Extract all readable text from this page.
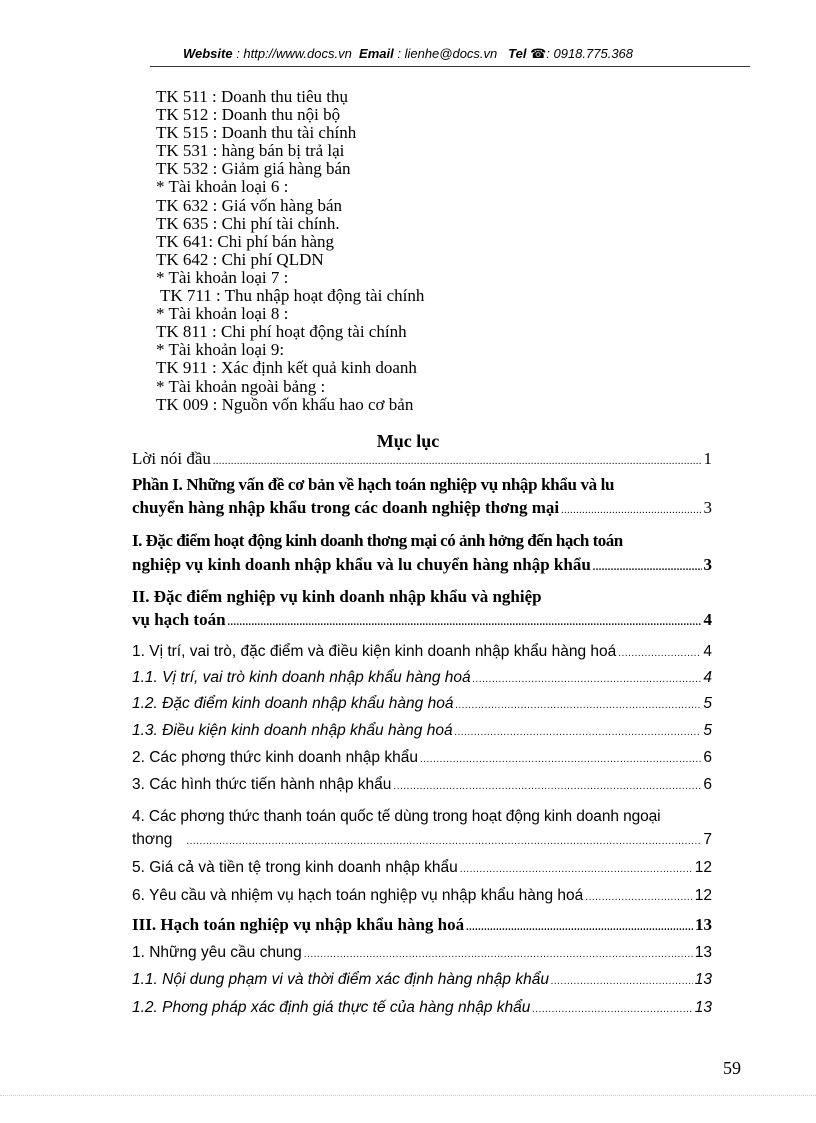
Website : http://www.docs.vn Email : lienhe@docs.vn Tel ☎: 0918.775.368
TK 511 : Doanh thu tiêu thụ
TK 512 : Doanh thu nội bộ
TK 515 : Doanh thu tài chính
TK 531 : hàng bán bị trả lại
TK 532 : Giảm giá hàng bán
* Tài khoản loại 6 :
TK 632 : Giá vốn hàng bán
TK 635 : Chi phí tài chính.
TK 641: Chi phí bán hàng
TK 642 : Chi phí QLDN
* Tài khoản loại 7 :
TK 711 : Thu nhập hoạt động tài chính
* Tài khoản loại 8 :
TK 811 : Chi phí hoạt động tài chính
* Tài khoản loại 9:
TK 911 : Xác định kết quả kinh doanh
* Tài khoản ngoài bảng :
TK 009 : Nguồn vốn khấu hao cơ bản
Mục lục
Lời nói đầu .....	1
Phần I. Những vấn đề cơ bản về hạch toán nghiệp vụ nhập khẩu và lu
chuyển hàng nhập khẩu trong các doanh nghiệp thơng mại .....	3
I. Đặc điểm hoạt động kinh doanh thơng mại có ảnh hởng đến hạch toán
nghiệp vụ kinh doanh nhập khẩu và lu chuyển hàng nhập khẩu .....	3
II. Đặc điểm nghiệp vụ kinh doanh nhập khẩu và nghiệp
vụ hạch toán .....	4
1. Vị trí, vai trò, đặc điểm và điều kiện kinh doanh nhập khẩu hàng hoá .....	4
1.1. Vị trí, vai trò kinh doanh nhập khẩu hàng hoá .....	4
1.2. Đặc điểm kinh doanh nhập khẩu hàng hoá .....	5
1.3. Điều kiện kinh doanh nhập khẩu hàng hoá .....	5
2. Các phơng thức kinh doanh nhập khẩu .....	6
3. Các hình thức tiến hành nhập khẩu .....	6
4. Các phơng thức thanh toán quốc tế dùng trong hoạt động kinh doanh ngoại
thơng .....	7
5. Giá cả và tiền tệ trong kinh doanh nhập khẩu .....	12
6. Yêu cầu và nhiệm vụ hạch toán nghiệp vụ nhập khẩu hàng hoá .....	12
III. Hạch toán nghiệp vụ nhập khẩu hàng hoá .....	13
1. Những yêu cầu chung .....	13
1.1. Nội dung phạm vi và thời điểm xác định hàng nhập khẩu .....	13
1.2. Phơng pháp xác định giá thực tế của hàng nhập khẩu .....	13
59
